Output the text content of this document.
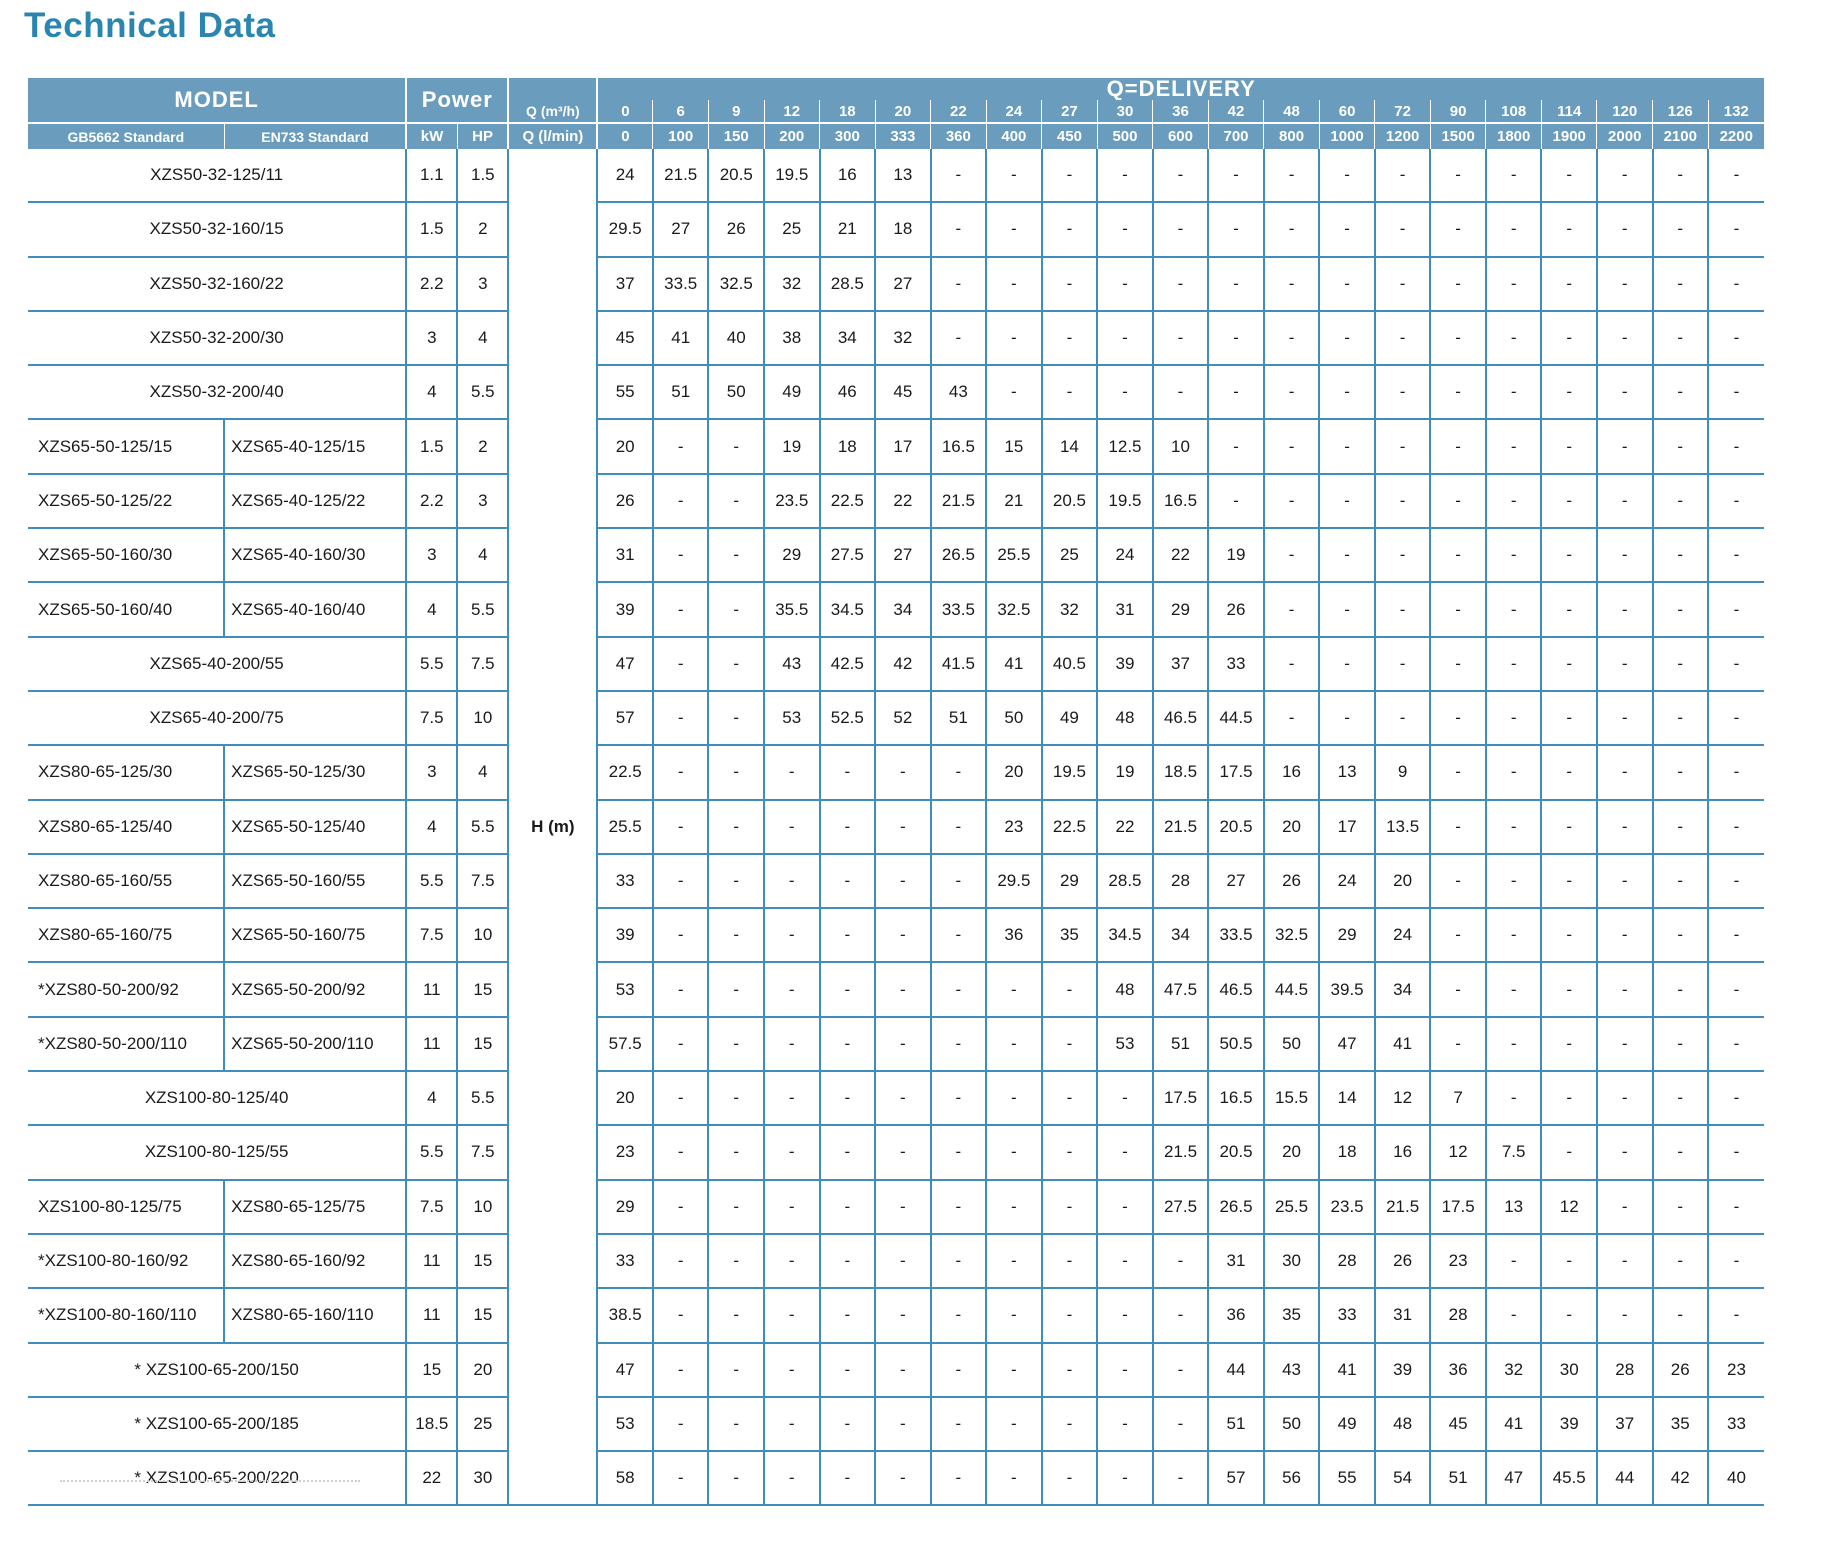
Technical Data
MODEL		Power		Q (m³/h)	Q=DELIVERY																				
					0	6	9	12	18	20	22	24	27	30	36	42	48	60	72	90	108	114	120	126	132
GB5662 Standard	EN733 Standard	kW	HP	Q (l/min)	0	100	150	200	300	333	360	400	450	500	600	700	800	1000	1200	1500	1800	1900	2000	2100	2200
XZS50-32-125/11		1.1	1.5	H (m)	24	21.5	20.5	19.5	16	13	-	-	-	-	-	-	-	-	-	-	-	-	-	-	-
XZS50-32-160/15		1.5	2		29.5	27	26	25	21	18	-	-	-	-	-	-	-	-	-	-	-	-	-	-	-
XZS50-32-160/22		2.2	3		37	33.5	32.5	32	28.5	27	-	-	-	-	-	-	-	-	-	-	-	-	-	-	-
XZS50-32-200/30		3	4		45	41	40	38	34	32	-	-	-	-	-	-	-	-	-	-	-	-	-	-	-
XZS50-32-200/40		4	5.5		55	51	50	49	46	45	43	-	-	-	-	-	-	-	-	-	-	-	-	-	-
XZS65-50-125/15	XZS65-40-125/15	1.5	2		20	-	-	19	18	17	16.5	15	14	12.5	10	-	-	-	-	-	-	-	-	-	-
XZS65-50-125/22	XZS65-40-125/22	2.2	3		26	-	-	23.5	22.5	22	21.5	21	20.5	19.5	16.5	-	-	-	-	-	-	-	-	-	-
XZS65-50-160/30	XZS65-40-160/30	3	4		31	-	-	29	27.5	27	26.5	25.5	25	24	22	19	-	-	-	-	-	-	-	-	-
XZS65-50-160/40	XZS65-40-160/40	4	5.5		39	-	-	35.5	34.5	34	33.5	32.5	32	31	29	26	-	-	-	-	-	-	-	-	-
XZS65-40-200/55		5.5	7.5		47	-	-	43	42.5	42	41.5	41	40.5	39	37	33	-	-	-	-	-	-	-	-	-
XZS65-40-200/75		7.5	10		57	-	-	53	52.5	52	51	50	49	48	46.5	44.5	-	-	-	-	-	-	-	-	-
XZS80-65-125/30	XZS65-50-125/30	3	4		22.5	-	-	-	-	-	-	20	19.5	19	18.5	17.5	16	13	9	-	-	-	-	-	-
XZS80-65-125/40	XZS65-50-125/40	4	5.5		25.5	-	-	-	-	-	-	23	22.5	22	21.5	20.5	20	17	13.5	-	-	-	-	-	-
XZS80-65-160/55	XZS65-50-160/55	5.5	7.5		33	-	-	-	-	-	-	29.5	29	28.5	28	27	26	24	20	-	-	-	-	-	-
XZS80-65-160/75	XZS65-50-160/75	7.5	10		39	-	-	-	-	-	-	36	35	34.5	34	33.5	32.5	29	24	-	-	-	-	-	-
*XZS80-50-200/92	XZS65-50-200/92	11	15		53	-	-	-	-	-	-	-	-	48	47.5	46.5	44.5	39.5	34	-	-	-	-	-	-
*XZS80-50-200/110	XZS65-50-200/110	11	15		57.5	-	-	-	-	-	-	-	-	53	51	50.5	50	47	41	-	-	-	-	-	-
XZS100-80-125/40		4	5.5		20	-	-	-	-	-	-	-	-	-	17.5	16.5	15.5	14	12	7	-	-	-	-	-
XZS100-80-125/55		5.5	7.5		23	-	-	-	-	-	-	-	-	-	21.5	20.5	20	18	16	12	7.5	-	-	-	-
XZS100-80-125/75	XZS80-65-125/75	7.5	10		29	-	-	-	-	-	-	-	-	-	27.5	26.5	25.5	23.5	21.5	17.5	13	12	-	-	-
*XZS100-80-160/92	XZS80-65-160/92	11	15		33	-	-	-	-	-	-	-	-	-	-	31	30	28	26	23	-	-	-	-	-
*XZS100-80-160/110	XZS80-65-160/110	11	15		38.5	-	-	-	-	-	-	-	-	-	-	36	35	33	31	28	-	-	-	-	-
* XZS100-65-200/150		15	20		47	-	-	-	-	-	-	-	-	-	-	44	43	41	39	36	32	30	28	26	23
* XZS100-65-200/185		18.5	25		53	-	-	-	-	-	-	-	-	-	-	51	50	49	48	45	41	39	37	35	33
* XZS100-65-200/220		22	30		58	-	-	-	-	-	-	-	-	-	-	57	56	55	54	51	47	45.5	44	42	40
